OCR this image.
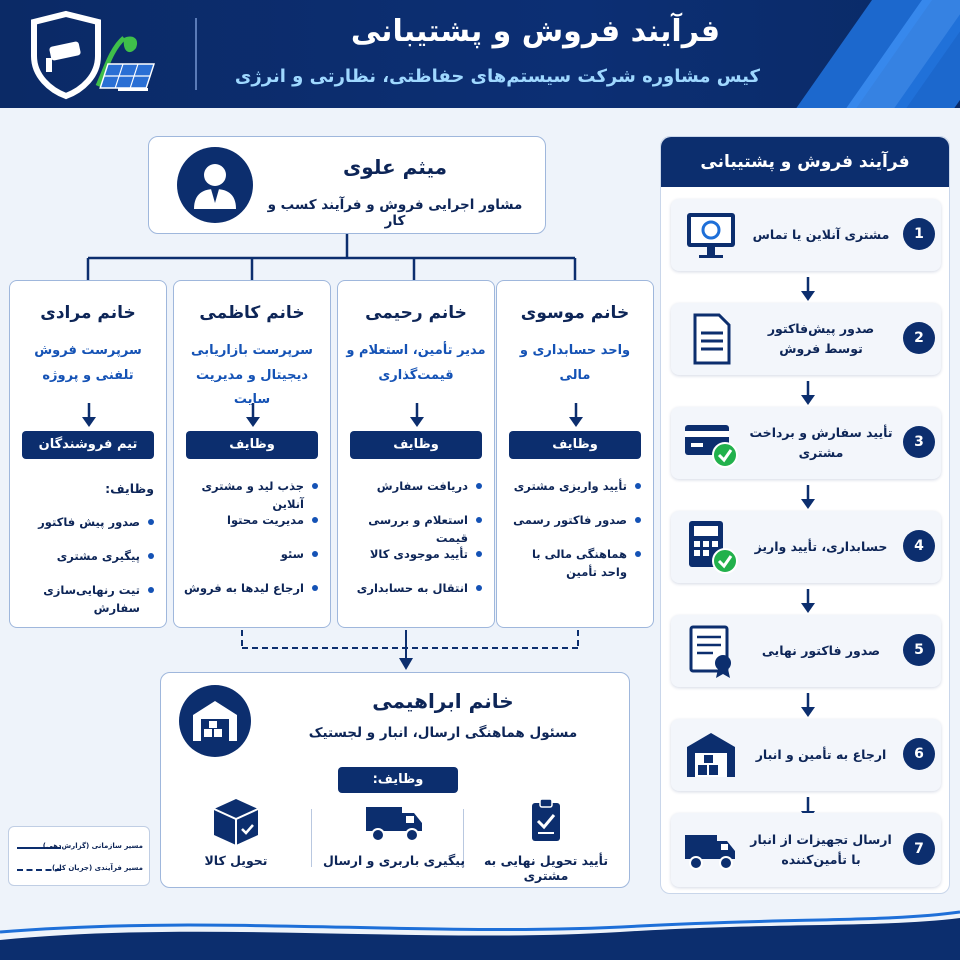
فرآیند فروش و پشتیبانی
کیس مشاوره شرکت سیستم‌های حفاظتی، نظارتی و انرژی
میثم علوی
مشاور اجرایی فروش و فرآیند کسب و کار
خانم موسوی
واحد حسابداری و مالی
وظایف
تأیید واریزی مشتری
صدور فاکتور رسمی
هماهنگی مالی با واحد تأمین
خانم رحیمی
مدیر تأمین، استعلام و قیمت‌گذاری
وظایف
دریافت سفارش
استعلام و بررسی قیمت
تأیید موجودی کالا
انتقال به حسابداری
خانم کاظمی
سرپرست بازاریابی دیجیتال و مدیریت سایت
وظایف
جذب لید و مشتری آنلاین
مدیریت محتوا
سئو
ارجاع لیدها به فروش
خانم مرادی
سرپرست فروش تلفنی و پروژه
تیم فروشندگان
وظایف:
صدور پیش فاکتور
پیگیری مشتری
تیت رنهایی‌سازی سفارش
خانم ابراهیمی
مسئول هماهنگی ارسال، انبار و لجستیک
وظایف:
تأیید تحویل نهایی به مشتری
پیگیری باربری و ارسال
تحویل کالا
مسیر سازمانی (گزارش‌دهی)
مسیر فرآیندی (جریان کار)
فرآیند فروش و پشتیبانی
مشتری آنلاین یا تماس	1
صدور پیش‌فاکتور توسط فروش
2
تأیید سفارش و برداخت مشتری
3
حسابداری، تأیید واریز	4
صدور فاکتور نهایی	5
ارجاع به تأمین و انبار	6
ارسال تجهیزات از انبار با تأمین‌کننده
7
